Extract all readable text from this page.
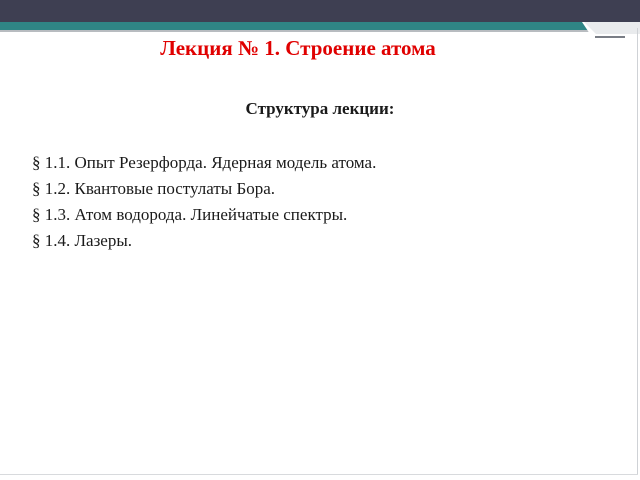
Лекция № 1. Строение атома
Структура лекции:
§ 1.1. Опыт Резерфорда. Ядерная модель атома.
§ 1.2. Квантовые постулаты Бора.
§ 1.3. Атом водорода. Линейчатые спектры.
§ 1.4. Лазеры.
